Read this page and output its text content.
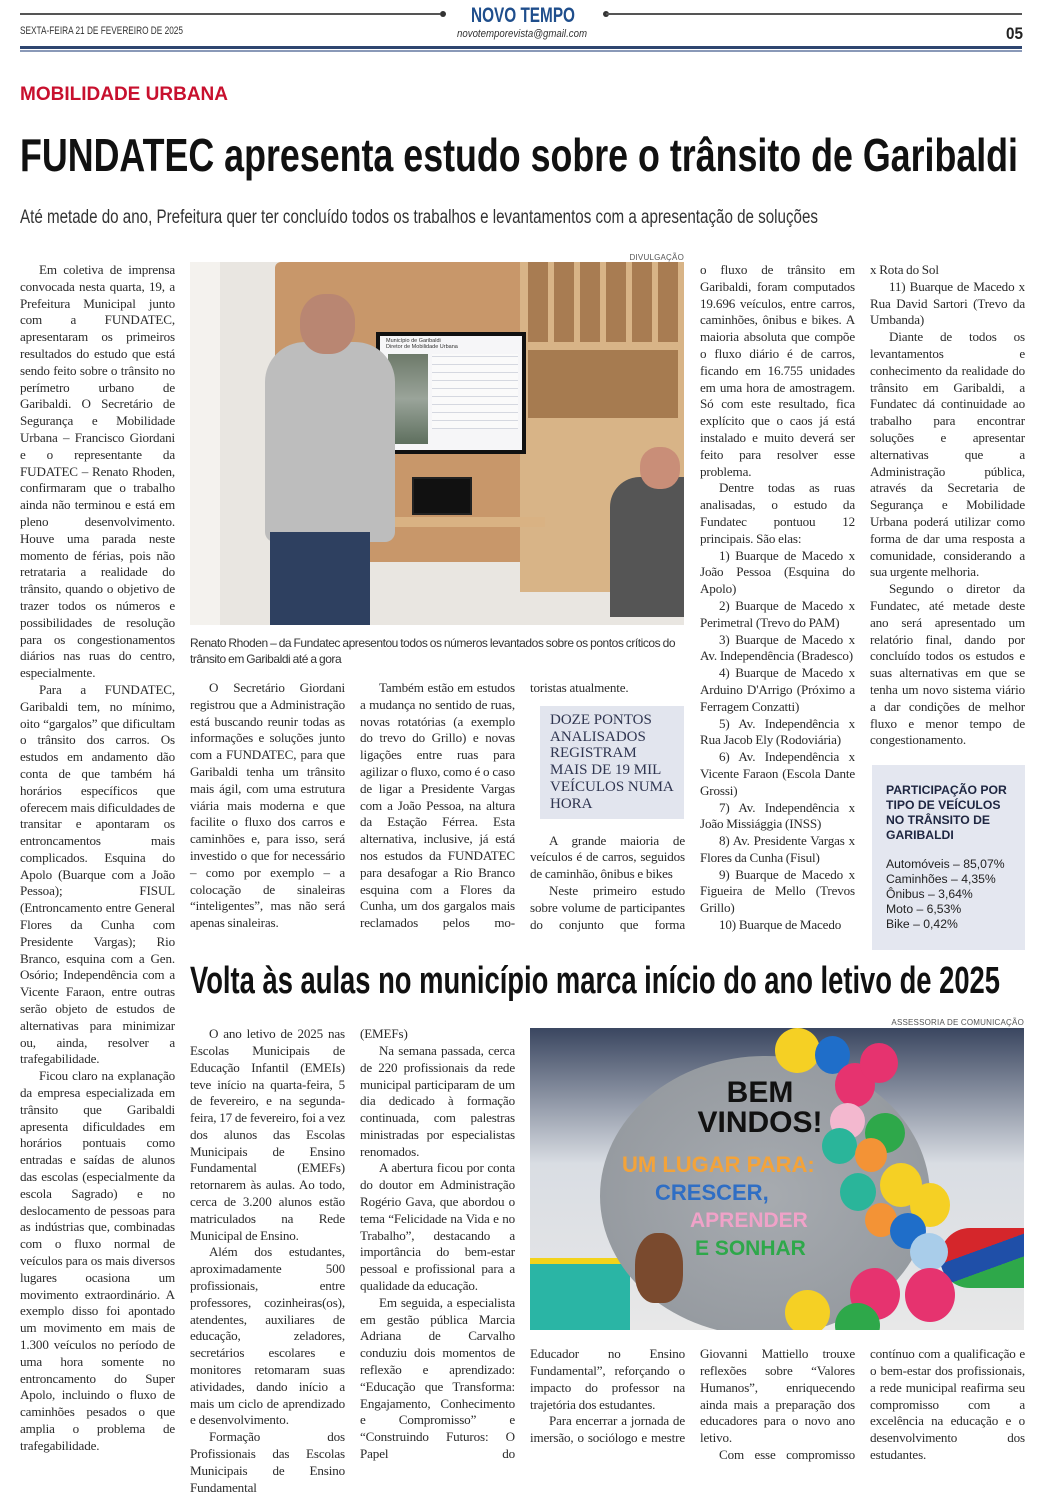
NOVO TEMPO
SEXTA-FEIRA 21 DE FEVEREIRO DE 2025	novotemporevista@gmail.com	05
MOBILIDADE URBANA
FUNDATEC apresenta estudo sobre o trânsito de Garibaldi
Até metade do ano, Prefeitura quer ter concluído todos os trabalhos e levantamentos com a apresentação de soluções
DIVULGAÇÃO
Município de Garibaldi
Diretor de Mobilidade Urbana
Renato Rhoden – da Fundatec apresentou todos os números levantados sobre os pontos críticos do trânsito em Garibaldi até a gora

Em coletiva de imprensa convocada nesta quarta, 19, a Prefeitura Municipal junto com a FUNDATEC, apresentaram os primeiros resultados do estudo que está sendo feito sobre o trânsito no perímetro urbano de Garibaldi. O Secretário de Segurança e Mobilidade Urbana – Francisco Giordani e o representante da FUDATEC – Renato Rhoden, confirmaram que o trabalho ainda não terminou e está em pleno desenvolvimento. Houve uma parada neste momento de férias, pois não retrataria a realidade do trânsito, quando o objetivo de trazer todos os números e possibilidades de resolução para os congestionamentos diários nas ruas do centro, especialmente.

Para a FUNDATEC, Garibaldi tem, no mínimo, oito “gargalos” que dificultam o trânsito dos carros. Os estudos em andamento dão conta de que também há horários específicos que oferecem mais dificuldades de transitar e apontaram os entroncamentos mais complicados. Esquina do Apolo (Buarque com a João Pessoa); FISUL (Entroncamento entre General Flores da Cunha com Presidente Vargas); Rio Branco, esquina com a Gen. Osório; Independência com a Vicente Faraon, entre outras serão objeto de estudos de alternativas para minimizar ou, ainda, resolver a trafegabilidade.

Ficou claro na explanação da empresa especializada em trânsito que Garibaldi apresenta dificuldades em horários pontuais como entradas e saídas de alunos das escolas (especialmente da escola Sagrado) e no deslocamento de pessoas para as indústrias que, combinadas com o fluxo normal de veículos para os mais diversos lugares ocasiona um movimento extraordinário. A exemplo disso foi apontado um movimento em mais de 1.300 veículos no período de uma hora somente no entroncamento do Super Apolo, incluindo o fluxo de caminhões pesados o que amplia o problema de trafegabilidade.

O Secretário Giordani registrou que a Administração está buscando reunir todas as informações e soluções junto com a FUNDATEC, para que Garibaldi tenha um trânsito mais ágil, com uma estrutura viária mais moderna e que facilite o fluxo dos carros e caminhões e, para isso, será investido o que for necessário – como por exemplo – a colocação de sinaleiras “inteligentes”, mas não será apenas sinaleiras.

Também estão em estudos a mudança no sentido de ruas, novas rotatórias (a exemplo do trevo do Grillo) e novas ligações entre ruas para agilizar o fluxo, como é o caso de ligar a Presidente Vargas com a João Pessoa, na altura da Estação Férrea. Esta alternativa, inclusive, já está nos estudos da FUNDATEC para desafogar a Rio Branco esquina com a Flores da Cunha, um dos gargalos mais reclamados pelos mo-

toristas atualmente.

DOZE PONTOS ANALISADOS REGISTRAM MAIS DE 19 MIL VEÍCULOS NUMA HORA

A grande maioria de veículos é de carros, seguidos de caminhão, ônibus e bikes

Neste primeiro estudo sobre volume de participantes do conjunto que forma

o fluxo de trânsito em Garibaldi, foram computados 19.696 veículos, entre carros, caminhões, ônibus e bikes. A maioria absoluta que compõe o fluxo diário é de carros, ficando em 16.755 unidades em uma hora de amostragem. Só com este resultado, fica explícito que o caos já está instalado e muito deverá ser feito para resolver esse problema.

Dentre todas as ruas analisadas, o estudo da Fundatec pontuou 12 principais. São elas:

1) Buarque de Macedo x João Pessoa (Esquina do Apolo)

2) Buarque de Macedo x Perimetral (Trevo do PAM)

3) Buarque de Macedo x Av. Independência (Bradesco)

4) Buarque de Macedo x Arduino D'Arrigo (Próximo a Ferragem Conzatti)

5) Av. Independência x Rua Jacob Ely (Rodoviária)

6) Av. Independência x Vicente Faraon (Escola Dante Grossi)

7) Av. Independência x João Missiággia (INSS)

8) Av. Presidente Vargas x Flores da Cunha (Fisul)

9) Buarque de Macedo x Figueira de Mello (Trevos Grillo)

10) Buarque de Macedo

x Rota do Sol

11) Buarque de Macedo x Rua David Sartori (Trevo da Umbanda)

Diante de todos os levantamentos e conhecimento da realidade do trânsito em Garibaldi, a Fundatec dá continuidade ao trabalho para encontrar soluções e apresentar alternativas que a Administração pública, através da Secretaria de Segurança e Mobilidade Urbana poderá utilizar como forma de dar uma resposta a comunidade, considerando a sua urgente melhoria.

Segundo o diretor da Fundatec, até metade deste ano será apresentado um relatório final, dando por concluído todos os estudos e suas alternativas em que se tenha um novo sistema viário a dar condições de melhor fluxo e menor tempo de congestionamento.

PARTICIPAÇÃO POR TIPO DE VEÍCULOS NO TRÂNSITO DE GARIBALDI
Automóveis – 85,07%
Caminhões – 4,35%
Ônibus – 3,64%
Moto – 6,53%
Bike – 0,42%
Volta às aulas no município marca início do ano letivo de 2025
ASSESSORIA DE COMUNICAÇÃO
BEM
VINDOS!
UM LUGAR PARA:
CRESCER,
APRENDER
E SONHAR

O ano letivo de 2025 nas Escolas Municipais de Educação Infantil (EMEIs) teve início na quarta-feira, 5 de fevereiro, e na segunda-feira, 17 de fevereiro, foi a vez dos alunos das Escolas Municipais de Ensino Fundamental (EMEFs) retornarem às aulas. Ao todo, cerca de 3.200 alunos estão matriculados na Rede Municipal de Ensino.

Além dos estudantes, aproximadamente 500 profissionais, entre professores, cozinheiras(os), atendentes, auxiliares de educação, zeladores, secretários escolares e monitores retomaram suas atividades, dando início a mais um ciclo de aprendizado e desenvolvimento.

Formação dos Profissionais das Escolas Municipais de Ensino Fundamental

(EMEFs)

Na semana passada, cerca de 220 profissionais da rede municipal participaram de um dia dedicado à formação continuada, com palestras ministradas por especialistas renomados.

A abertura ficou por conta do doutor em Administração Rogério Gava, que abordou o tema “Felicidade na Vida e no Trabalho”, destacando a importância do bem-estar pessoal e profissional para a qualidade da educação.

Em seguida, a especialista em gestão pública Marcia Adriana de Carvalho conduziu dois momentos de reflexão e aprendizado: “Educação que Transforma: Engajamento, Conhecimento e Compromisso” e “Construindo Futuros: O Papel do

Educador no Ensino Fundamental”, reforçando o impacto do professor na trajetória dos estudantes.

Para encerrar a jornada de imersão, o sociólogo e mestre

Giovanni Mattiello trouxe reflexões sobre “Valores Humanos”, enriquecendo ainda mais a preparação dos educadores para o novo ano letivo.

Com esse compromisso

contínuo com a qualificação e o bem-estar dos profissionais, a rede municipal reafirma seu compromisso com a excelência na educação e o desenvolvimento dos estudantes.
